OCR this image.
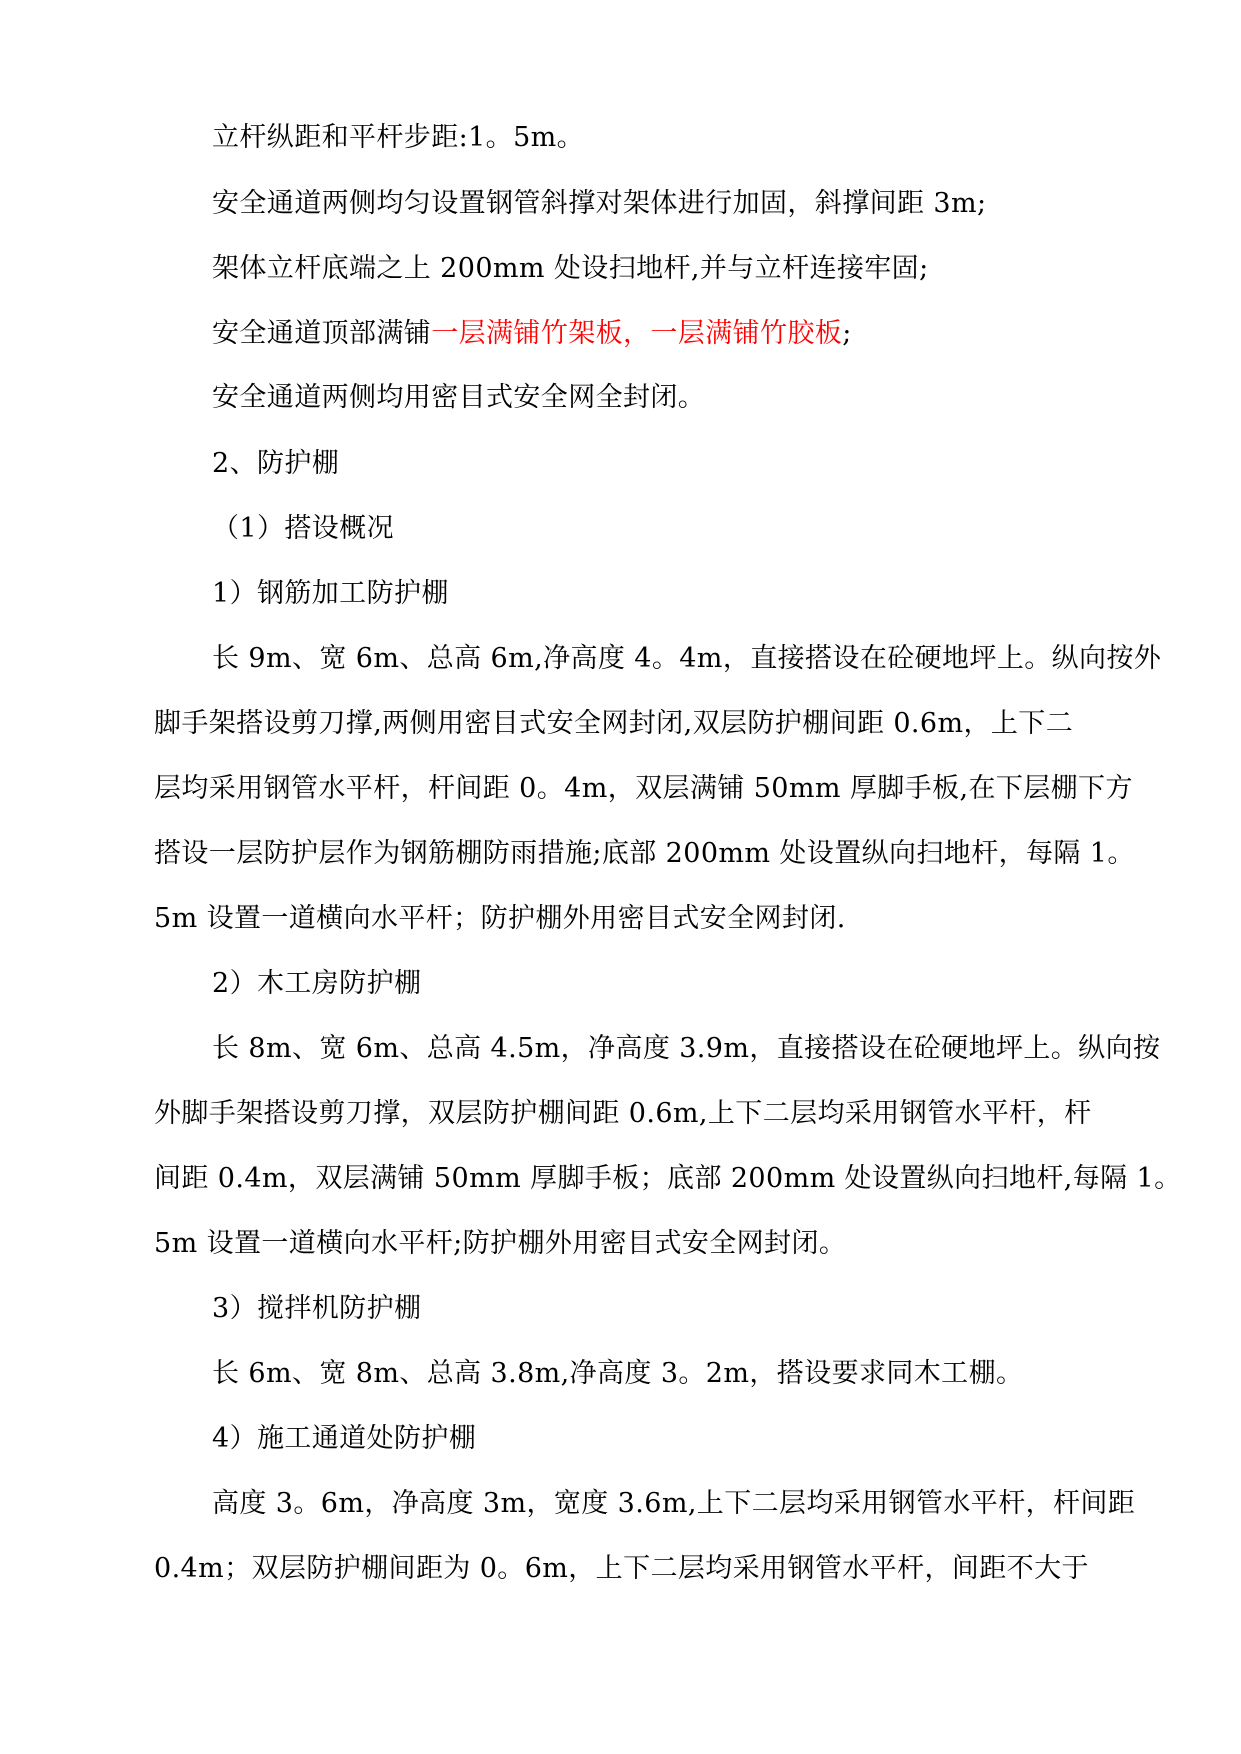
立杆纵距和平杆步距:1。5m。
安全通道两侧均匀设置钢管斜撑对架体进行加固，斜撑间距 3m;
架体立杆底端之上 200mm 处设扫地杆,并与立杆连接牢固;
安全通道顶部满铺一层满铺竹架板，一层满铺竹胶板;
安全通道两侧均用密目式安全网全封闭。
2、防护棚
（1）搭设概况
1）钢筋加工防护棚
长 9m、宽 6m、总高 6m,净高度 4。4m，直接搭设在砼硬地坪上。纵向按外
脚手架搭设剪刀撑,两侧用密目式安全网封闭,双层防护棚间距 0.6m，上下二
层均采用钢管水平杆，杆间距 0。4m，双层满铺 50mm 厚脚手板,在下层棚下方
搭设一层防护层作为钢筋棚防雨措施;底部 200mm 处设置纵向扫地杆，每隔 1。
5m 设置一道横向水平杆；防护棚外用密目式安全网封闭.
2）木工房防护棚
长 8m、宽 6m、总高 4.5m，净高度 3.9m，直接搭设在砼硬地坪上。纵向按
外脚手架搭设剪刀撑，双层防护棚间距 0.6m,上下二层均采用钢管水平杆，杆
间距 0.4m，双层满铺 50mm 厚脚手板；底部 200mm 处设置纵向扫地杆,每隔 1。
5m 设置一道横向水平杆;防护棚外用密目式安全网封闭。
3）搅拌机防护棚
长 6m、宽 8m、总高 3.8m,净高度 3。2m，搭设要求同木工棚。
4）施工通道处防护棚
高度 3。6m，净高度 3m，宽度 3.6m,上下二层均采用钢管水平杆，杆间距
0.4m；双层防护棚间距为 0。6m，上下二层均采用钢管水平杆，间距不大于
